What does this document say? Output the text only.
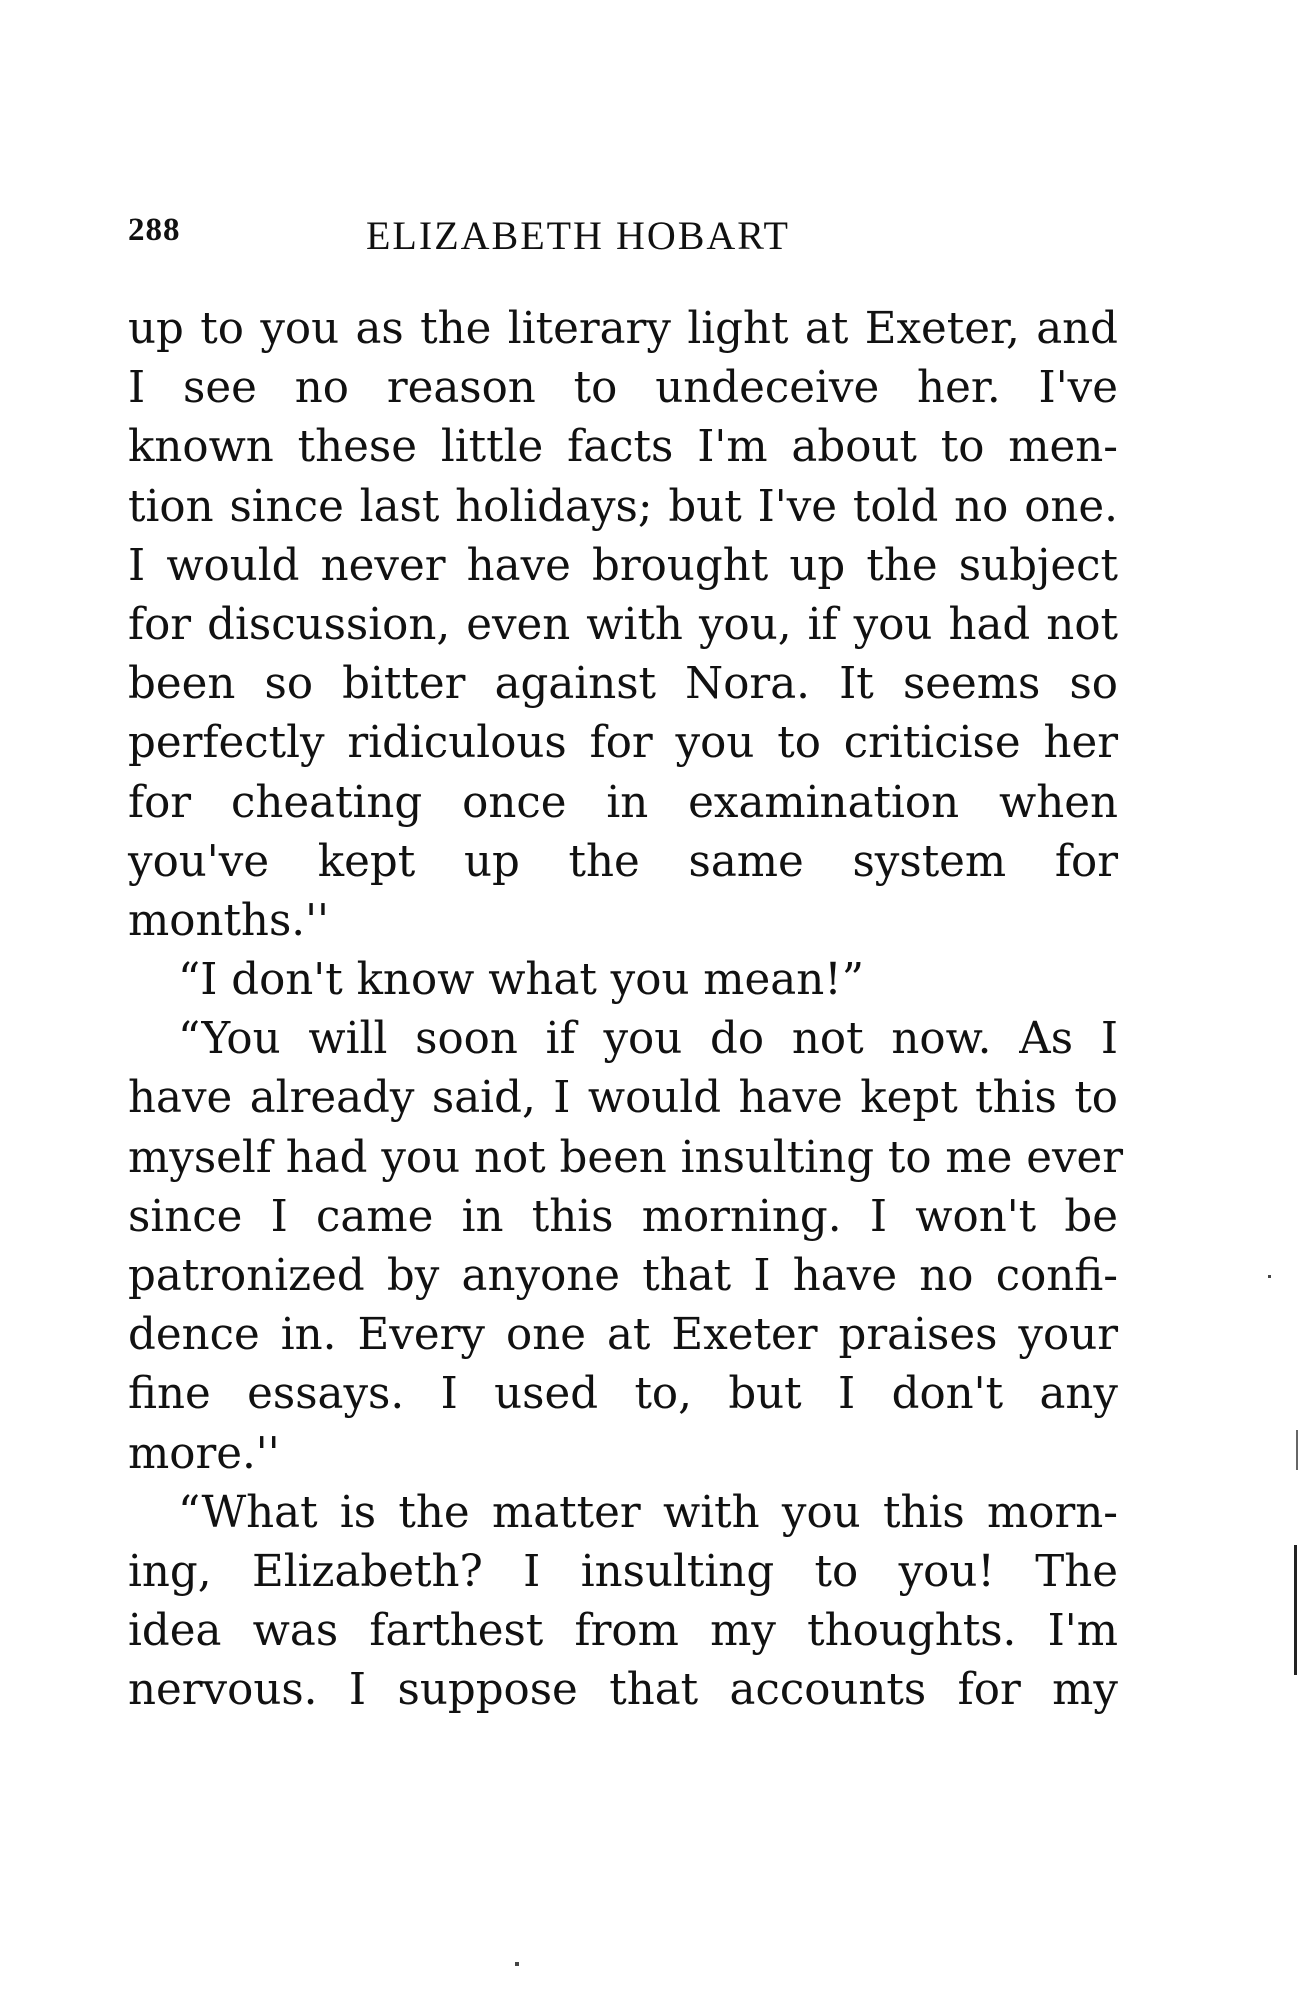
288	ELIZABETH HOBART
up to you as the literary light at Exeter, and
I see no reason to undeceive her. I've
known these little facts I'm about to men-
tion since last holidays; but I've told no one.
I would never have brought up the subject
for discussion, even with you, if you had not
been so bitter against Nora. It seems so
perfectly ridiculous for you to criticise her
for cheating once in examination when
you've kept up the same system for
months.''
“I don't know what you mean!”
“You will soon if you do not now. As I
have already said, I would have kept this to
myself had you not been insulting to me ever
since I came in this morning. I won't be
patronized by anyone that I have no confi-
dence in. Every one at Exeter praises your
fine essays. I used to, but I don't any
more.''
“What is the matter with you this morn-
ing, Elizabeth? I insulting to you! The
idea was farthest from my thoughts. I'm
nervous. I suppose that accounts for my
